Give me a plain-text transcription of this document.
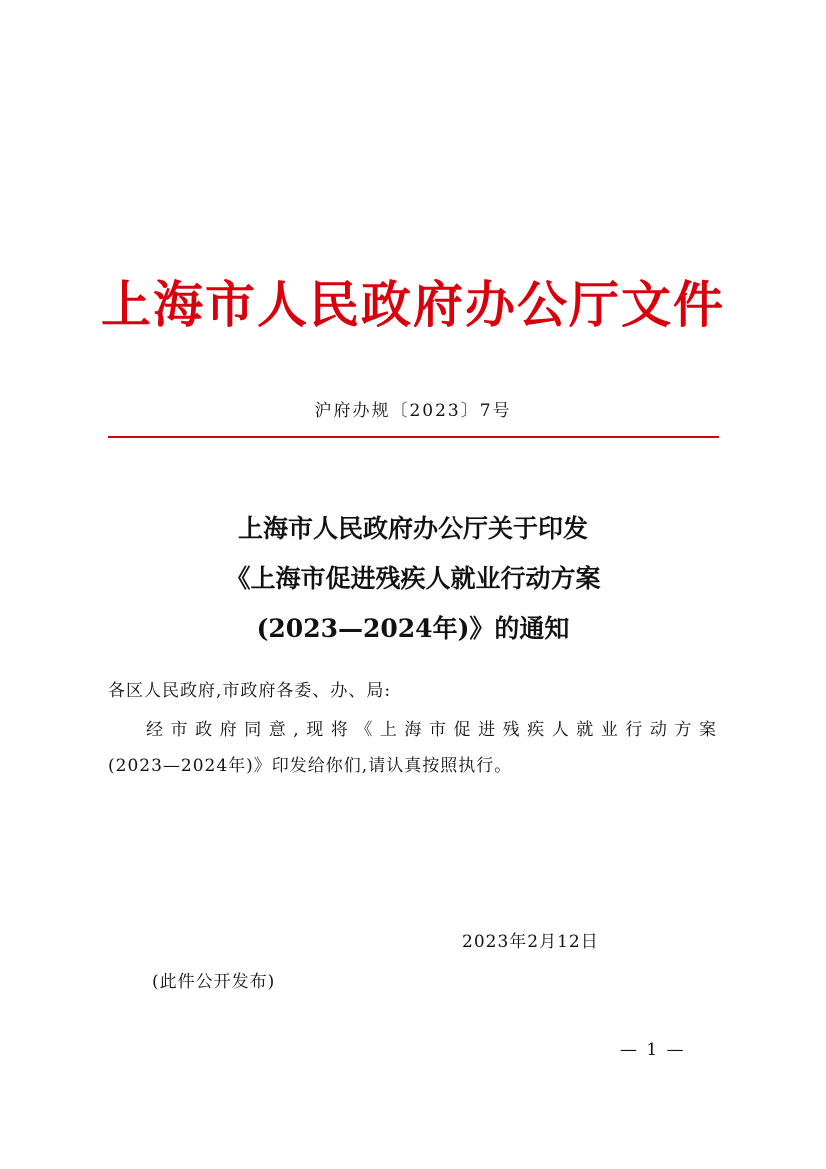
上海市人民政府办公厅文件
沪府办规〔2023〕7号
上海市人民政府办公厅关于印发
《上海市促进残疾人就业行动方案
(2023—2024年)》的通知
各区人民政府,市政府各委、办、局:
经市政府同意,现将《上海市促进残疾人就业行动方案
(2023—2024年)》印发给你们,请认真按照执行。
2023年2月12日
(此件公开发布)
— 1 —
